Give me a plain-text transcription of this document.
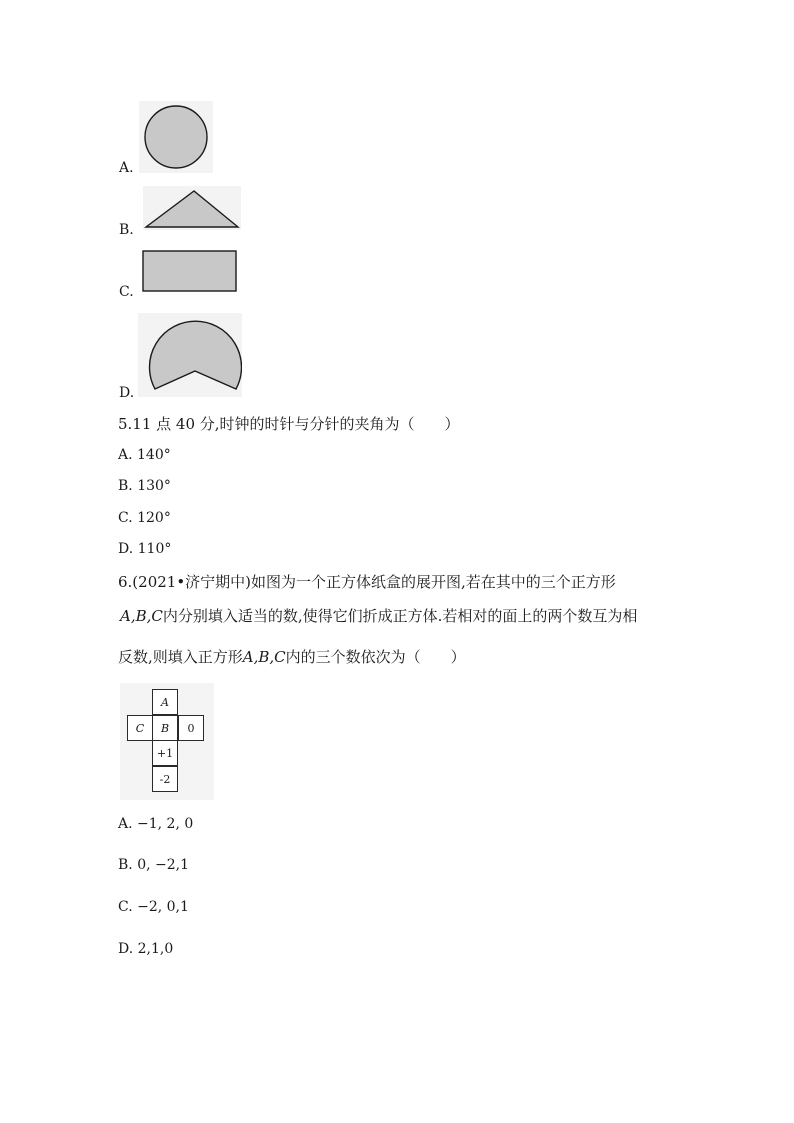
A.
B.
C.
D.
5.11 点 40 分,时钟的时针与分针的夹角为（　　）
A. 140°
B. 130°
C. 120°
D. 110°
6.(2021•济宁期中)如图为一个正方体纸盒的展开图,若在其中的三个正方形
A,B,C内分别填入适当的数,使得它们折成正方体.若相对的面上的两个数互为相
反数,则填入正方形A,B,C内的三个数依次为（　　）
A
C	B	0
+1
-2
A. −1, 2, 0
B. 0, −2,1
C. −2, 0,1
D. 2,1,0
